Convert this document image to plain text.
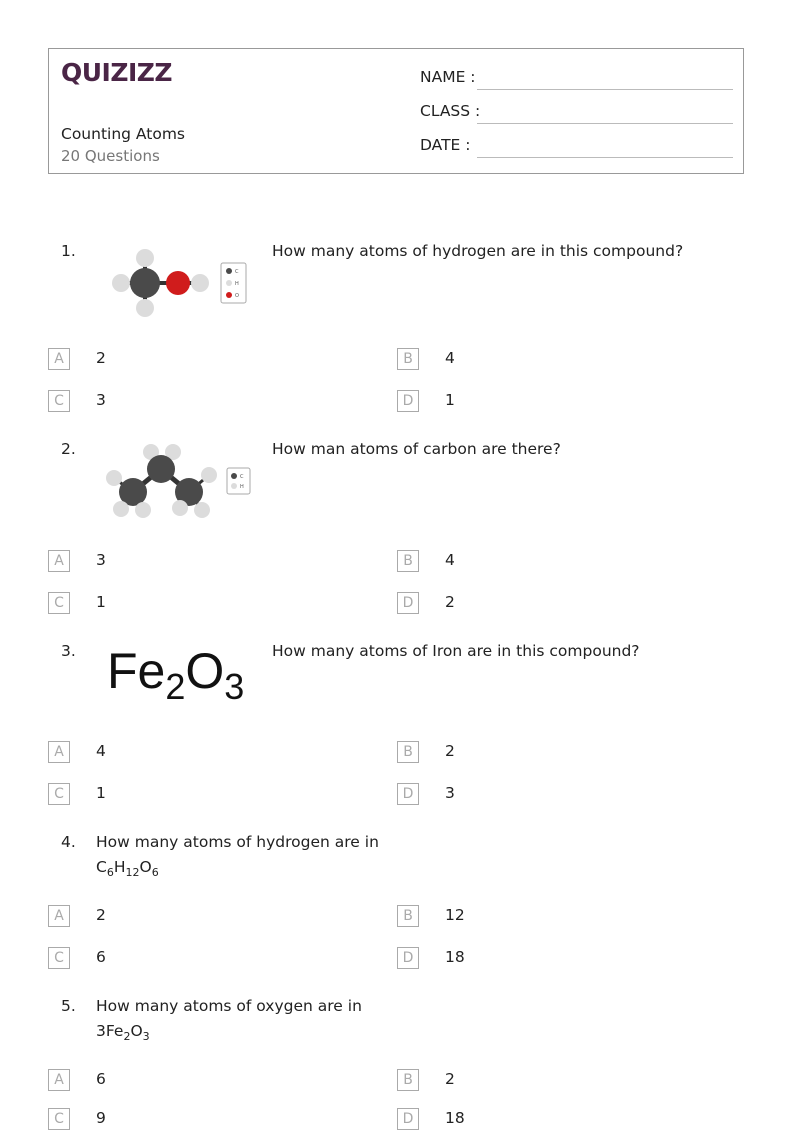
QUIZIZZ
Counting Atoms
20 Questions
NAME :
CLASS :
DATE :
1.
C
H
O
How many atoms of hydrogen are in this compound?
A	2	B	4
C	3	D	1
2.
C
H
How man atoms of carbon are there?
A	3	B	4
C	1	D	2
3. $Fe_2O_3$
How many atoms of Iron are in this compound?
A	4	B	2
C	1	D	3
4. How many atoms of hydrogen are in
$C_6H_{12}O_6$
A	2	B	12
C	6	D	18
5. How many atoms of oxygen are in
$3Fe_2O_3$
A	6	B	2
C	9	D	18
